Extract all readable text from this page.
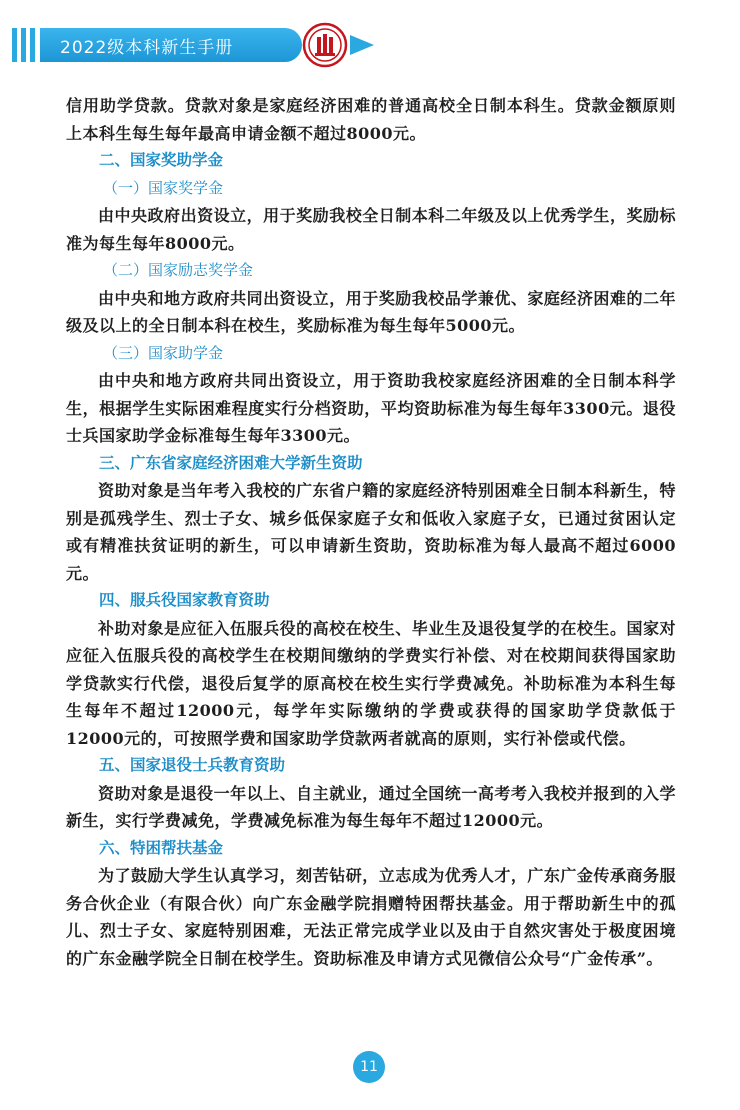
2022级本科新生手册

信用助学贷款。贷款对象是家庭经济困难的普通高校全日制本科生。贷款金额原则上本科生每生每年最高申请金额不超过8000元。

二、国家奖助学金

（一）国家奖学金

由中央政府出资设立，用于奖励我校全日制本科二年级及以上优秀学生，奖励标准为每生每年8000元。

（二）国家励志奖学金

由中央和地方政府共同出资设立，用于奖励我校品学兼优、家庭经济困难的二年级及以上的全日制本科在校生，奖励标准为每生每年5000元。

（三）国家助学金

由中央和地方政府共同出资设立，用于资助我校家庭经济困难的全日制本科学生，根据学生实际困难程度实行分档资助，平均资助标准为每生每年3300元。退役士兵国家助学金标准每生每年3300元。

三、广东省家庭经济困难大学新生资助

资助对象是当年考入我校的广东省户籍的家庭经济特别困难全日制本科新生，特别是孤残学生、烈士子女、城乡低保家庭子女和低收入家庭子女，已通过贫困认定或有精准扶贫证明的新生，可以申请新生资助，资助标准为每人最高不超过6000元。

四、服兵役国家教育资助

补助对象是应征入伍服兵役的高校在校生、毕业生及退役复学的在校生。国家对应征入伍服兵役的高校学生在校期间缴纳的学费实行补偿、对在校期间获得国家助学贷款实行代偿，退役后复学的原高校在校生实行学费减免。补助标准为本科生每生每年不超过12000元，每学年实际缴纳的学费或获得的国家助学贷款低于12000元的，可按照学费和国家助学贷款两者就高的原则，实行补偿或代偿。

五、国家退役士兵教育资助

资助对象是退役一年以上、自主就业，通过全国统一高考考入我校并报到的入学新生，实行学费减免，学费减免标准为每生每年不超过12000元。

六、特困帮扶基金

为了鼓励大学生认真学习，刻苦钻研，立志成为优秀人才，广东广金传承商务服务合伙企业（有限合伙）向广东金融学院捐赠特困帮扶基金。用于帮助新生中的孤儿、烈士子女、家庭特别困难，无法正常完成学业以及由于自然灾害处于极度困境的广东金融学院全日制在校学生。资助标准及申请方式见微信公众号“广金传承”。

11
